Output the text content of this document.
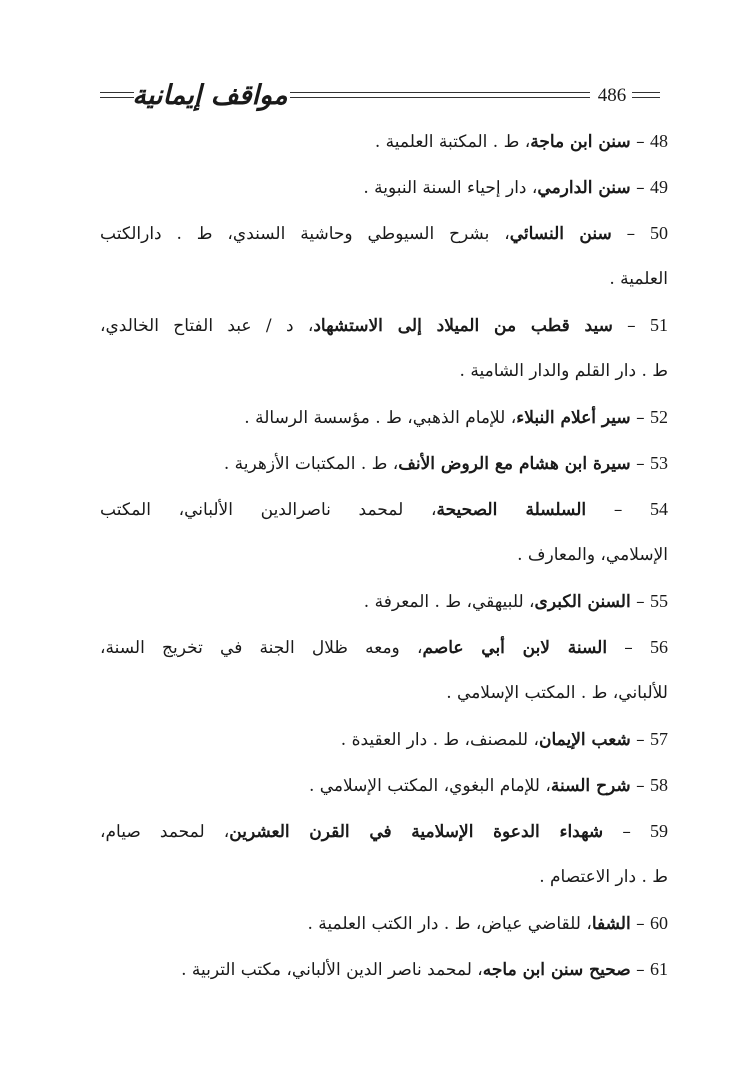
مواقف إيمانية	486
48 – سنن ابن ماجة، ط . المكتبة العلمية .
49 – سنن الدارمي، دار إحياء السنة النبوية .
50 – سنن النسائي، بشرح السيوطي وحاشية السندي، ط . دارالكتب
العلمية .
51 – سيد قطب من الميلاد إلى الاستشهاد، د / عبد الفتاح الخالدي،
ط . دار القلم والدار الشامية .
52 – سير أعلام النبلاء، للإمام الذهبي، ط . مؤسسة الرسالة .
53 – سيرة ابن هشام مع الروض الأنف، ط . المكتبات الأزهرية .
54 – السلسلة الصحيحة، لمحمد ناصرالدين الألباني، المكتب
الإسلامي، والمعارف .
55 – السنن الكبرى، للبيهقي، ط . المعرفة .
56 – السنة لابن أبي عاصم، ومعه ظلال الجنة في تخريج السنة،
للألباني، ط . المكتب الإسلامي .
57 – شعب الإيمان، للمصنف، ط . دار العقيدة .
58 – شرح السنة، للإمام البغوي، المكتب الإسلامي .
59 – شهداء الدعوة الإسلامية في القرن العشرين، لمحمد صيام،
ط . دار الاعتصام .
60 – الشفا، للقاضي عياض، ط . دار الكتب العلمية .
61 – صحيح سنن ابن ماجه، لمحمد ناصر الدين الألباني، مكتب التربية .
